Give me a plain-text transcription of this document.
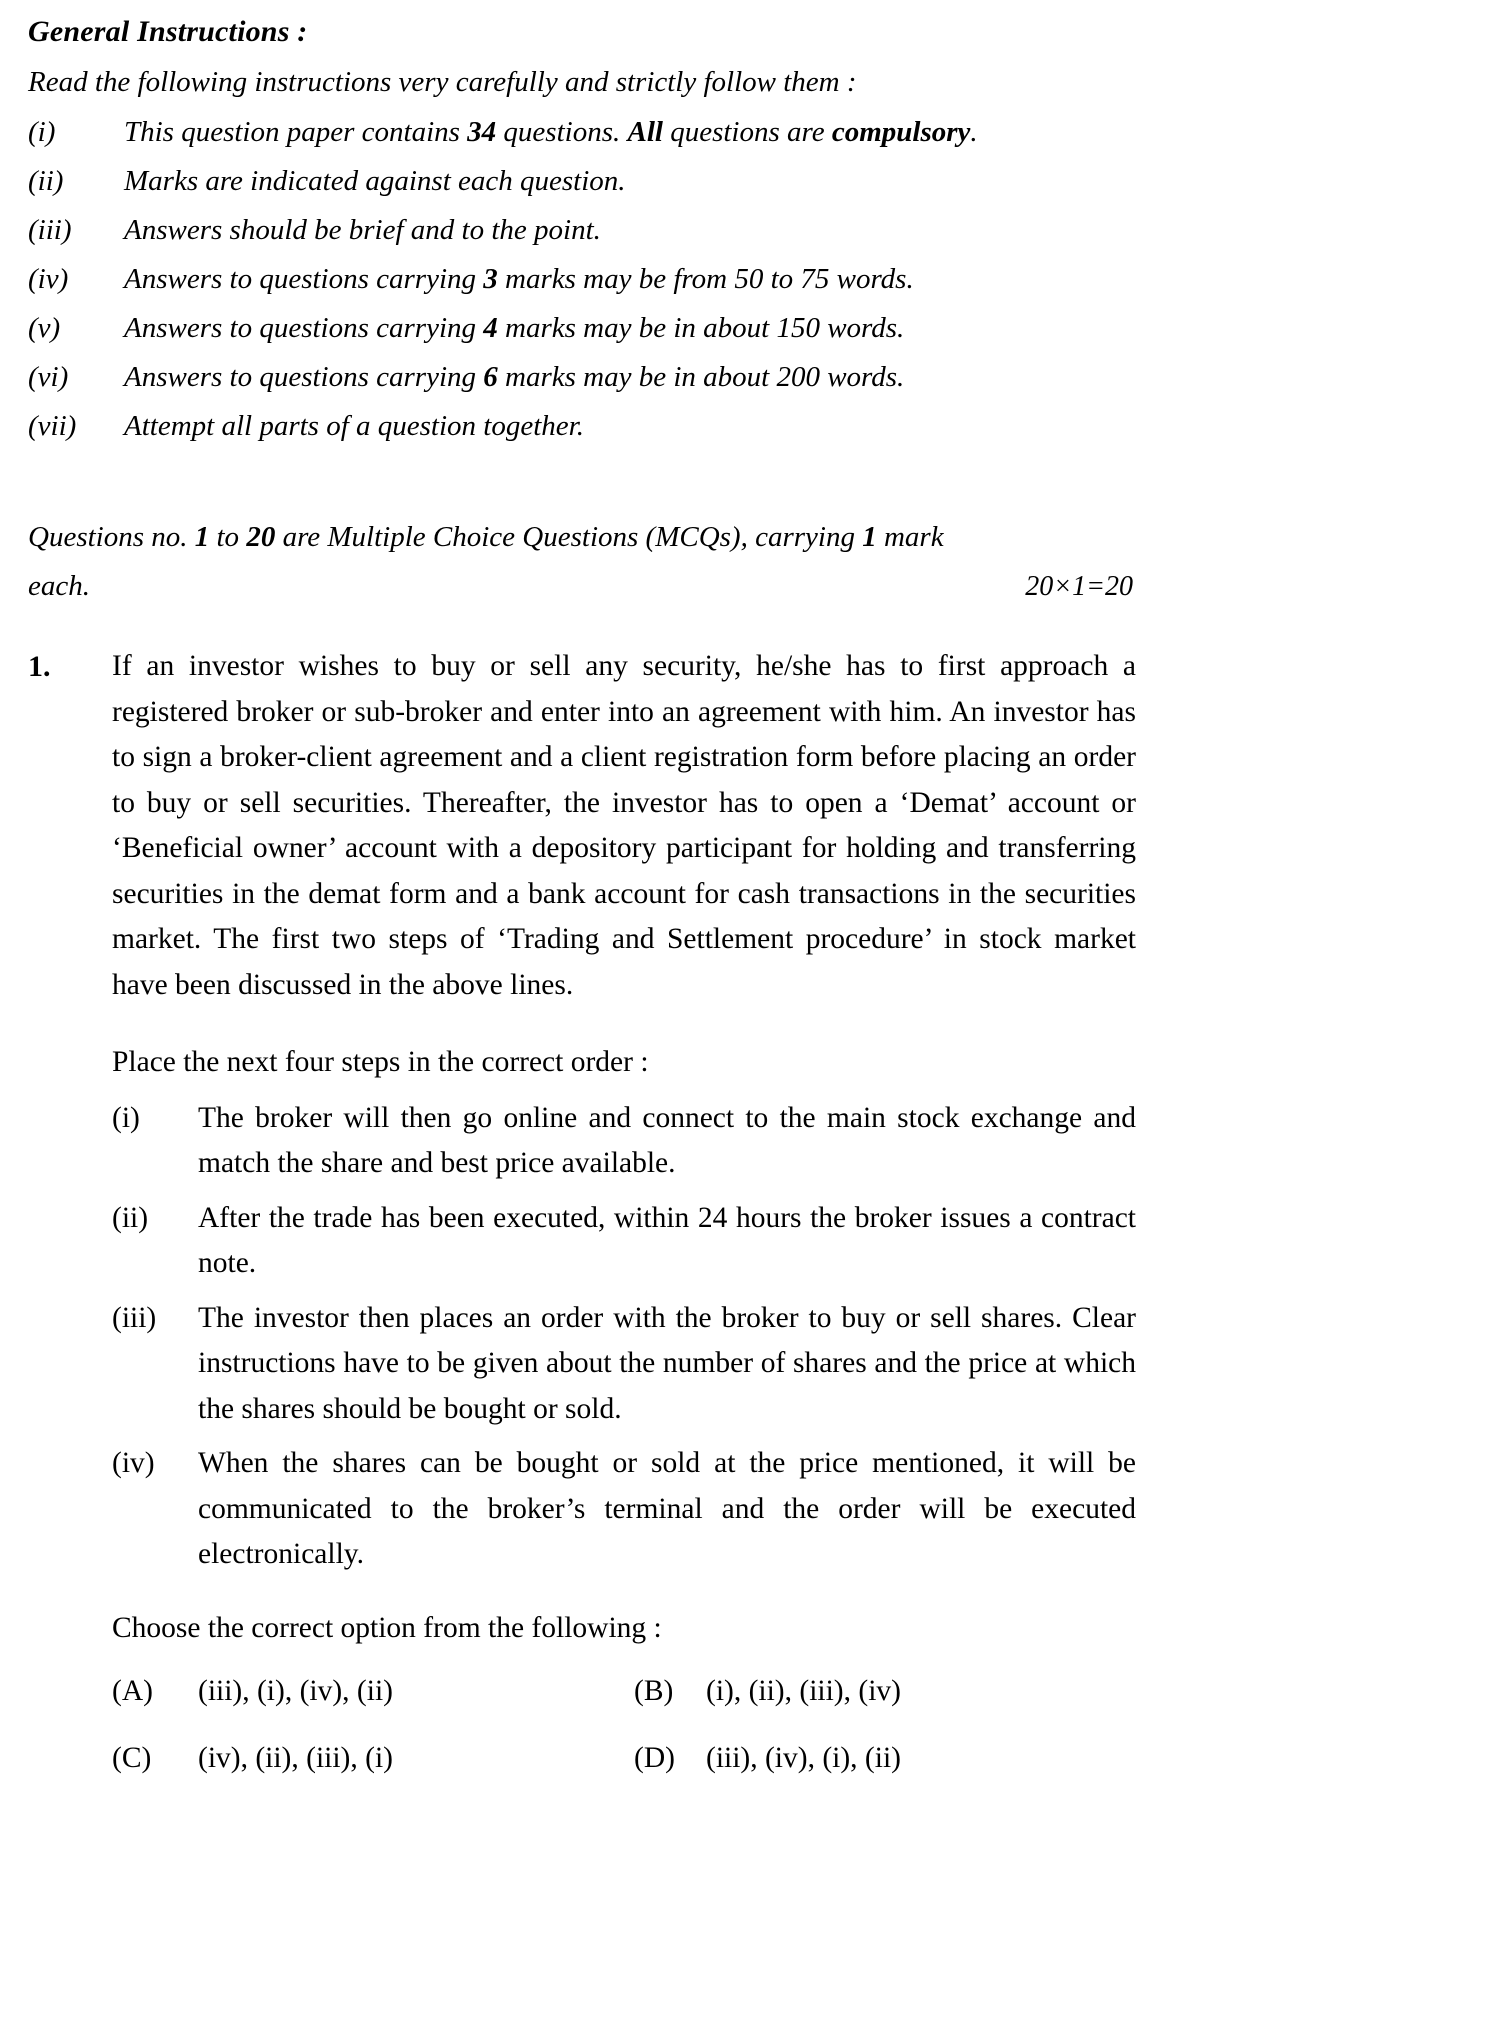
General Instructions :
Read the following instructions very carefully and strictly follow them :
(i)	This question paper contains 34 questions. All questions are compulsory.
(ii)	Marks are indicated against each question.
(iii)	Answers should be brief and to the point.
(iv)	Answers to questions carrying 3 marks may be from 50 to 75 words.
(v)	Answers to questions carrying 4 marks may be in about 150 words.
(vi)	Answers to questions carrying 6 marks may be in about 200 words.
(vii)	Attempt all parts of a question together.
Questions no. 1 to 20 are Multiple Choice Questions (MCQs), carrying 1 mark
each.	20×1=20
1.	If an investor wishes to buy or sell any security, he/she has to first approach a registered broker or sub-broker and enter into an agreement with him. An investor has to sign a broker-client agreement and a client registration form before placing an order to buy or sell securities. Thereafter, the investor has to open a ‘Demat’ account or ‘Beneficial owner’ account with a depository participant for holding and transferring securities in the demat form and a bank account for cash transactions in the securities market. The first two steps of ‘Trading and Settlement procedure’ in stock market have been discussed in the above lines.

Place the next four steps in the correct order :

(i)	The broker will then go online and connect to the main stock exchange and match the share and best price available.
(ii)	After the trade has been executed, within 24 hours the broker issues a contract note.
(iii)	The investor then places an order with the broker to buy or sell shares. Clear instructions have to be given about the number of shares and the price at which the shares should be bought or sold.
(iv)	When the shares can be bought or sold at the price mentioned, it will be communicated to the broker’s terminal and the order will be executed electronically.

Choose the correct option from the following :

(A)	(iii), (i), (iv), (ii)	(B)	(i), (ii), (iii), (iv)
(C)	(iv), (ii), (iii), (i)	(D)	(iii), (iv), (i), (ii)
